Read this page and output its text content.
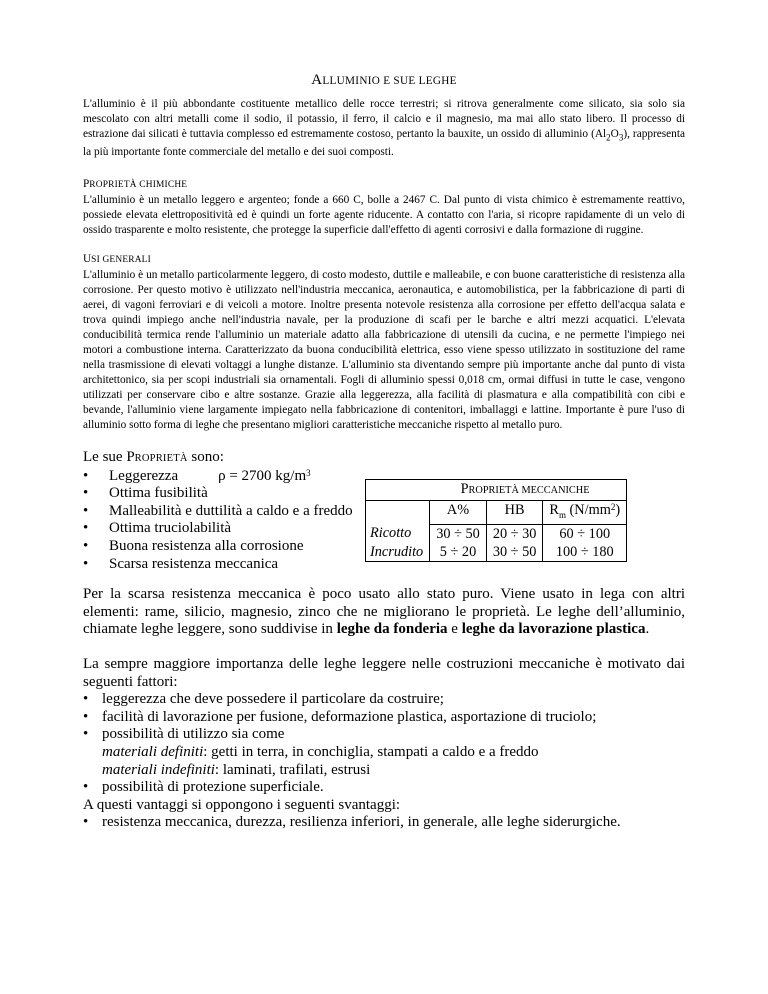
ALLUMINIO E SUE LEGHE

L'alluminio è il più abbondante costituente metallico delle rocce terrestri; si ritrova generalmente come silicato, sia solo sia mescolato con altri metalli come il sodio, il potassio, il ferro, il calcio e il magnesio, ma mai allo stato libero. Il processo di estrazione dai silicati è tuttavia complesso ed estremamente costoso, pertanto la bauxite, un ossido di alluminio $(Al_2O_3)$, rappresenta la più importante fonte commerciale del metallo e dei suoi composti.

PROPRIETÀ CHIMICHE

L'alluminio è un metallo leggero e argenteo; fonde a 660 C, bolle a 2467 C. Dal punto di vista chimico è estremamente reattivo, possiede elevata elettropositività ed è quindi un forte agente riducente. A contatto con l'aria, si ricopre rapidamente di un velo di ossido trasparente e molto resistente, che protegge la superficie dall'effetto di agenti corrosivi e dalla formazione di ruggine.

USI GENERALI

L'alluminio è un metallo particolarmente leggero, di costo modesto, duttile e malleabile, e con buone caratteristiche di resistenza alla corrosione. Per questo motivo è utilizzato nell'industria meccanica, aeronautica, e automobilistica, per la fabbricazione di parti di aerei, di vagoni ferroviari e di veicoli a motore. Inoltre presenta notevole resistenza alla corrosione per effetto dell'acqua salata e trova quindi impiego anche nell'industria navale, per la produzione di scafi per le barche e altri mezzi acquatici. L'elevata conducibilità termica rende l'alluminio un materiale adatto alla fabbricazione di utensili da cucina, e ne permette l'impiego nei motori a combustione interna. Caratterizzato da buona conducibilità elettrica, esso viene spesso utilizzato in sostituzione del rame nella trasmissione di elevati voltaggi a lunghe distanze. L'alluminio sta diventando sempre più importante anche dal punto di vista architettonico, sia per scopi industriali sia ornamentali. Fogli di alluminio spessi 0,018 cm, ormai diffusi in tutte le case, vengono utilizzati per conservare cibo e altre sostanze. Grazie alla leggerezza, alla facilità di plasmatura e alla compatibilità con cibi e bevande, l'alluminio viene largamente impiegato nella fabbricazione di contenitori, imballaggi e lattine. Importante è pure l'uso di alluminio sotto forma di leghe che presentano migliori caratteristiche meccaniche rispetto al metallo puro.

Le sue PROPRIETÀ sono:

• Leggerezza	ρ = 2700 $kg/m^3$
• Ottima fusibilità
• Malleabilità e duttilità a caldo e a freddo
• Ottima truciolabilità
• Buona resistenza alla corrosione
• Scarsa resistenza meccanica
PROPRIETÀ MECCANICHE			
	A%	HB	$R_m$ $(N/mm^2)$
Ricotto	30 ÷ 50	20 ÷ 30	60 ÷ 100
Incrudito	5 ÷ 20	30 ÷ 50	100 ÷ 180

Per la scarsa resistenza meccanica è poco usato allo stato puro. Viene usato in lega con altri elementi: rame, silicio, magnesio, zinco che ne migliorano le proprietà. Le leghe dell’alluminio, chiamate leghe leggere, sono suddivise in leghe da fonderia e leghe da lavorazione plastica.

La sempre maggiore importanza delle leghe leggere nelle costruzioni meccaniche è motivato dai seguenti fattori:

• leggerezza che deve possedere il particolare da costruire;
• facilità di lavorazione per fusione, deformazione plastica, asportazione di truciolo;
• possibilità di utilizzo sia come

materiali definiti: getti in terra, in conchiglia, stampati a caldo e a freddo

materiali indefiniti: laminati, trafilati, estrusi

• possibilità di protezione superficiale.

A questi vantaggi si oppongono i seguenti svantaggi:

• resistenza meccanica, durezza, resilienza inferiori, in generale, alle leghe siderurgiche.
